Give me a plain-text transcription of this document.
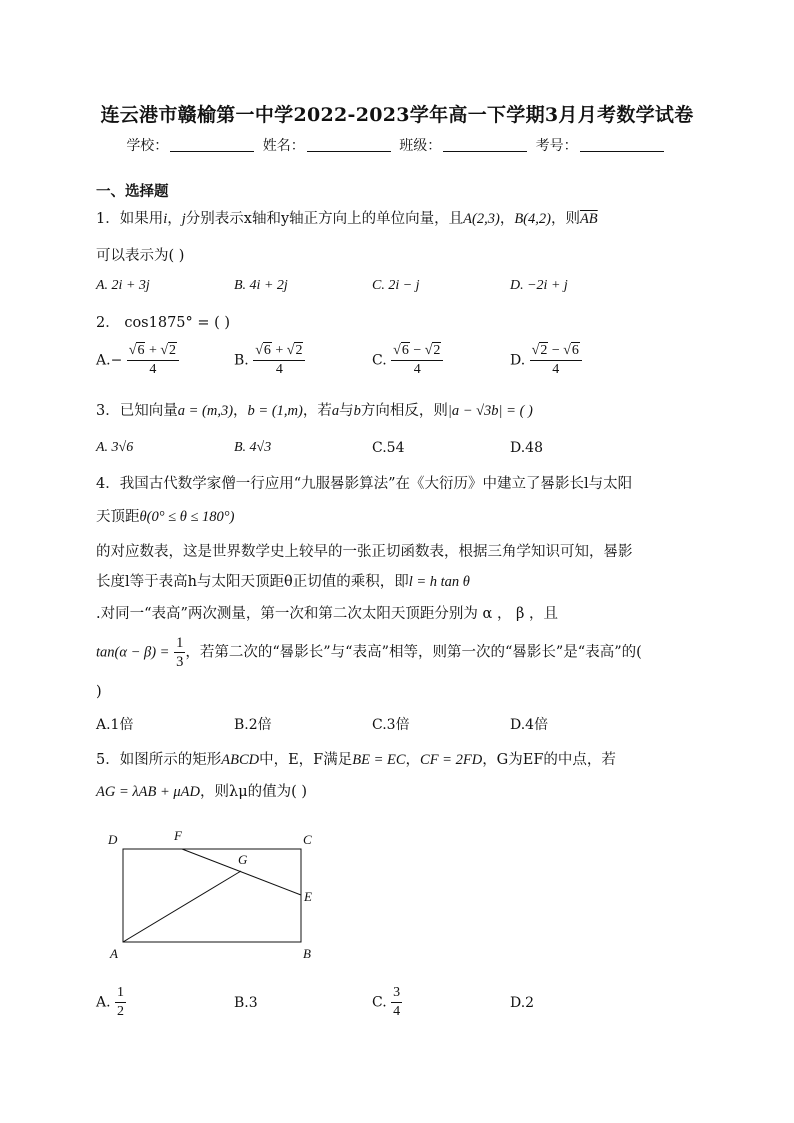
连云港市赣榆第一中学2022-2023学年高一下学期3月月考数学试卷
学校：	姓名：	班级：	考号：
一、选择题
1．如果用i，j分别表示x轴和y轴正方向上的单位向量，且A(2,3)，B(4,2)，则$\overline{AB}$
可以表示为( )
A. 2i + 3j	B. 4i + 2j	C. 2i − j	D. −2i + j
2． cos1875° = ( )
$A.- \frac{√6 + √2}{4}$	B. $\frac{√6 + √2}{4}$	C. $\frac{√6 - √2}{4}$	D. $\frac{√2 - √6}{4}$
3．已知向量a = (m,3)，b = (1,m)，若a与b方向相反，则|a − √3b| = ( )
A. 3√6	B. 4√3	C.54	D.48
4．我国古代数学家僧一行应用“九服晷影算法”在《大衍历》中建立了晷影长l与太阳
天顶距θ(0° ≤ θ ≤ 180°)
的对应数表，这是世界数学史上较早的一张正切函数表，根据三角学知识可知，晷影
长度l等于表高h与太阳天顶距θ正切值的乘积，即l = h tan θ
.对同一“表高”两次测量，第一次和第二次太阳天顶距分别为 α ， β ，且
$\tan(\alpha - \beta) = \frac{1}{3}$ ，若第二次的“晷影长”与“表高”相等，则第一次的“晷影长”是“表高”的(
)
A.1倍	B.2倍	C.3倍	D.4倍
5．如图所示的矩形ABCD中，E，F满足BE = EC，CF = 2FD，G为EF的中点，若
AG = λAB + μAD，则λμ的值为( )
D	F	C
G
E
A	B
A. $\frac{1}{2}$	B.3	C. $\frac{3}{4}$	D.2
